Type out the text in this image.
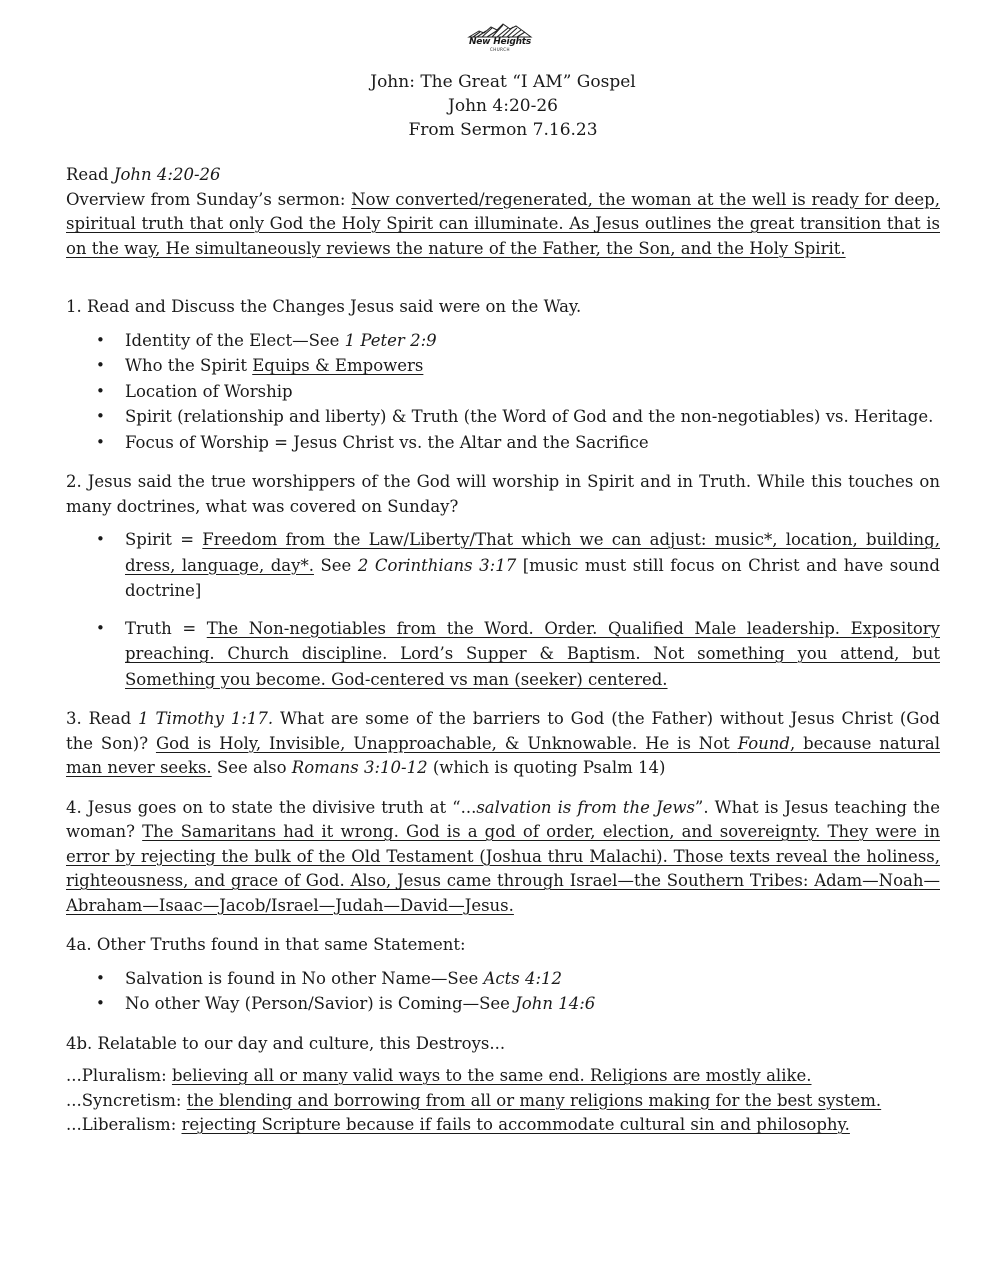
New Heights
CHURCH
John: The Great “I AM” Gospel
John 4:20-26
From Sermon 7.16.23

Read John 4:20-26

Overview from Sunday’s sermon: Now converted/regenerated, the woman at the well is ready for deep, spiritual truth that only God the Holy Spirit can illuminate. As Jesus outlines the great transition that is on the way, He simultaneously reviews the nature of the Father, the Son, and the Holy Spirit.

1. Read and Discuss the Changes Jesus said were on the Way.

• Identity of the Elect—See 1 Peter 2:9
• Who the Spirit Equips & Empowers
• Location of Worship
• Spirit (relationship and liberty) & Truth (the Word of God and the non-negotiables) vs. Heritage.
• Focus of Worship = Jesus Christ vs. the Altar and the Sacrifice

2. Jesus said the true worshippers of the God will worship in Spirit and in Truth. While this touches on many doctrines, what was covered on Sunday?

• Spirit = Freedom from the Law/Liberty/That which we can adjust: music*, location, building, dress, language, day*. See 2 Corinthians 3:17 [music must still focus on Christ and have sound doctrine]
• Truth = The Non-negotiables from the Word. Order. Qualified Male leadership. Expository preaching. Church discipline. Lord’s Supper & Baptism. Not something you attend, but Something you become. God-centered vs man (seeker) centered.

3. Read 1 Timothy 1:17. What are some of the barriers to God (the Father) without Jesus Christ (God the Son)? God is Holy, Invisible, Unapproachable, & Unknowable. He is Not Found, because natural man never seeks. See also Romans 3:10-12 (which is quoting Psalm 14)

4. Jesus goes on to state the divisive truth at “...salvation is from the Jews”. What is Jesus teaching the woman? The Samaritans had it wrong. God is a god of order, election, and sovereignty. They were in error by rejecting the bulk of the Old Testament (Joshua thru Malachi). Those texts reveal the holiness, righteousness, and grace of God. Also, Jesus came through Israel—the Southern Tribes: Adam—Noah—Abraham—Isaac—Jacob/Israel—Judah—David—Jesus.

4a. Other Truths found in that same Statement:

• Salvation is found in No other Name—See Acts 4:12
• No other Way (Person/Savior) is Coming—See John 14:6

4b. Relatable to our day and culture, this Destroys...

...Pluralism: believing all or many valid ways to the same end. Religions are mostly alike.

...Syncretism: the blending and borrowing from all or many religions making for the best system.

...Liberalism: rejecting Scripture because if fails to accommodate cultural sin and philosophy.
